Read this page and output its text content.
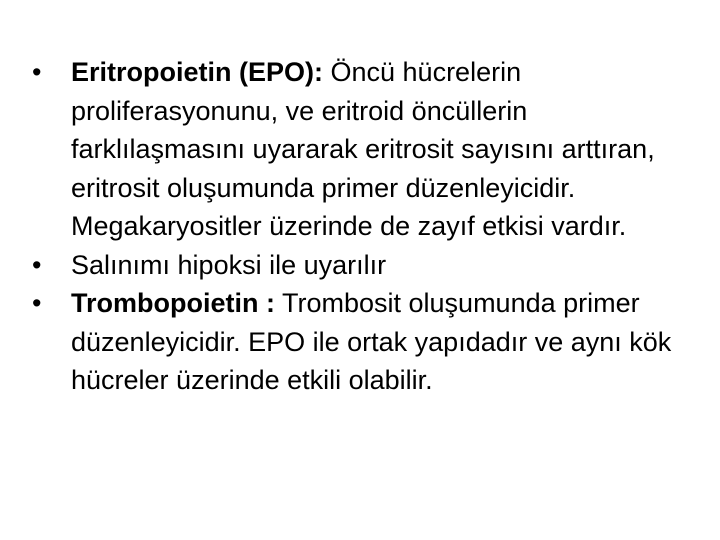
•	Eritropoietin (EPO): Öncü hücrelerin proliferasyonunu, ve eritroid öncüllerin farklılaşmasını uyararak eritrosit sayısını arttıran, eritrosit oluşumunda primer düzenleyicidir. Megakaryositler üzerinde de zayıf etkisi vardır.
•	Salınımı hipoksi ile uyarılır
•	Trombopoietin : Trombosit oluşumunda primer düzenleyicidir. EPO ile ortak yapıdadır ve aynı kök hücreler üzerinde etkili olabilir.
